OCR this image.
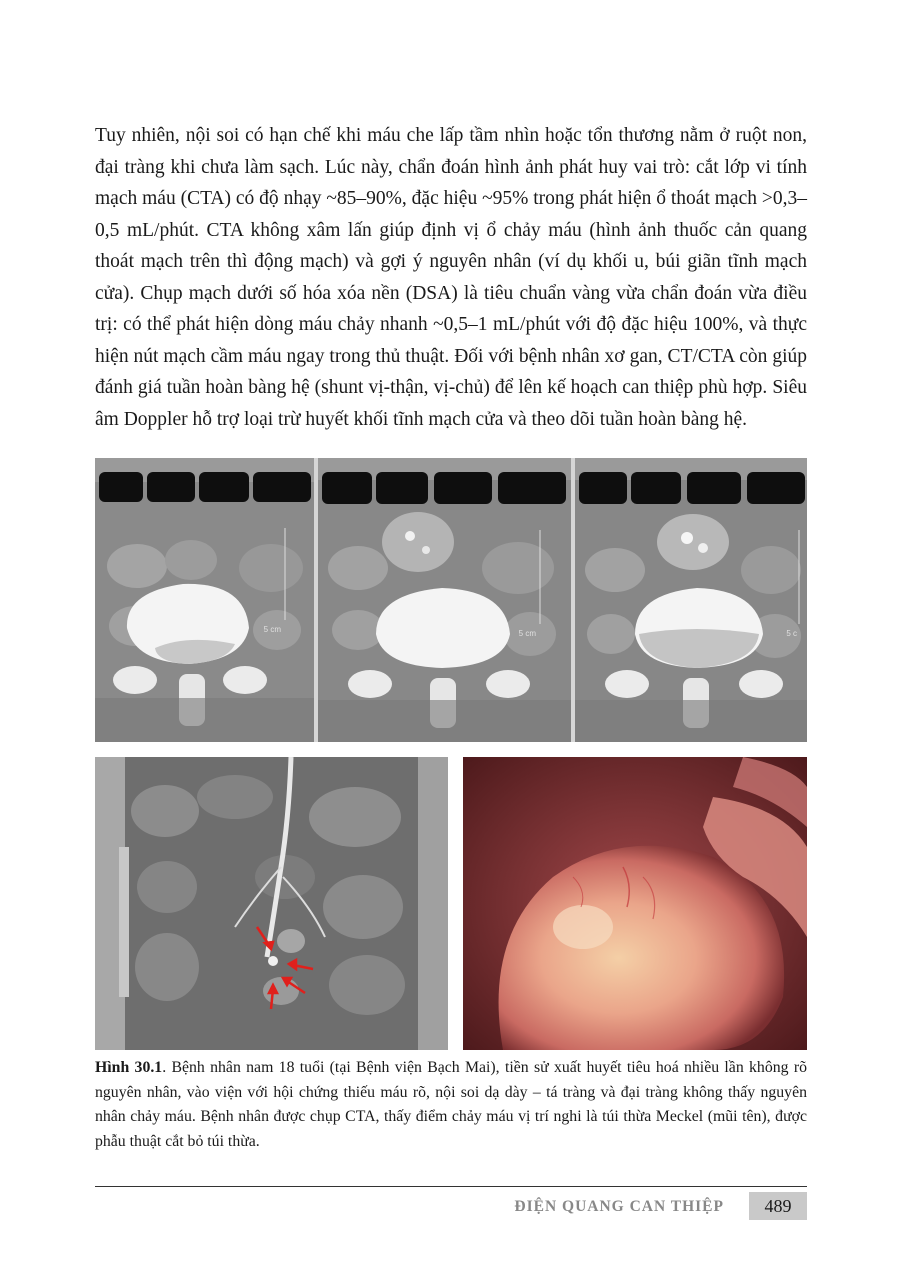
Tuy nhiên, nội soi có hạn chế khi máu che lấp tầm nhìn hoặc tổn thương nằm ở ruột non, đại tràng khi chưa làm sạch. Lúc này, chẩn đoán hình ảnh phát huy vai trò: cắt lớp vi tính mạch máu (CTA) có độ nhạy ~85–90%, đặc hiệu ~95% trong phát hiện ổ thoát mạch >0,3–0,5 mL/phút. CTA không xâm lấn giúp định vị ổ chảy máu (hình ảnh thuốc cản quang thoát mạch trên thì động mạch) và gợi ý nguyên nhân (ví dụ khối u, búi giãn tĩnh mạch cửa). Chụp mạch dưới số hóa xóa nền (DSA) là tiêu chuẩn vàng vừa chẩn đoán vừa điều trị: có thể phát hiện dòng máu chảy nhanh ~0,5–1 mL/phút với độ đặc hiệu 100%, và thực hiện nút mạch cầm máu ngay trong thủ thuật. Đối với bệnh nhân xơ gan, CT/CTA còn giúp đánh giá tuần hoàn bàng hệ (shunt vị-thận, vị-chủ) để lên kế hoạch can thiệp phù hợp. Siêu âm Doppler hỗ trợ loại trừ huyết khối tĩnh mạch cửa và theo dõi tuần hoàn bàng hệ.

5 cm	5 cm	5 c

Hình 30.1. Bệnh nhân nam 18 tuổi (tại Bệnh viện Bạch Mai), tiền sử xuất huyết tiêu hoá nhiều lần không rõ nguyên nhân, vào viện với hội chứng thiếu máu rõ, nội soi dạ dày – tá tràng và đại tràng không thấy nguyên nhân chảy máu. Bệnh nhân được chụp CTA, thấy điểm chảy máu vị trí nghi là túi thừa Meckel (mũi tên), được phẫu thuật cắt bỏ túi thừa.

ĐIỆN QUANG CAN THIỆP	489
